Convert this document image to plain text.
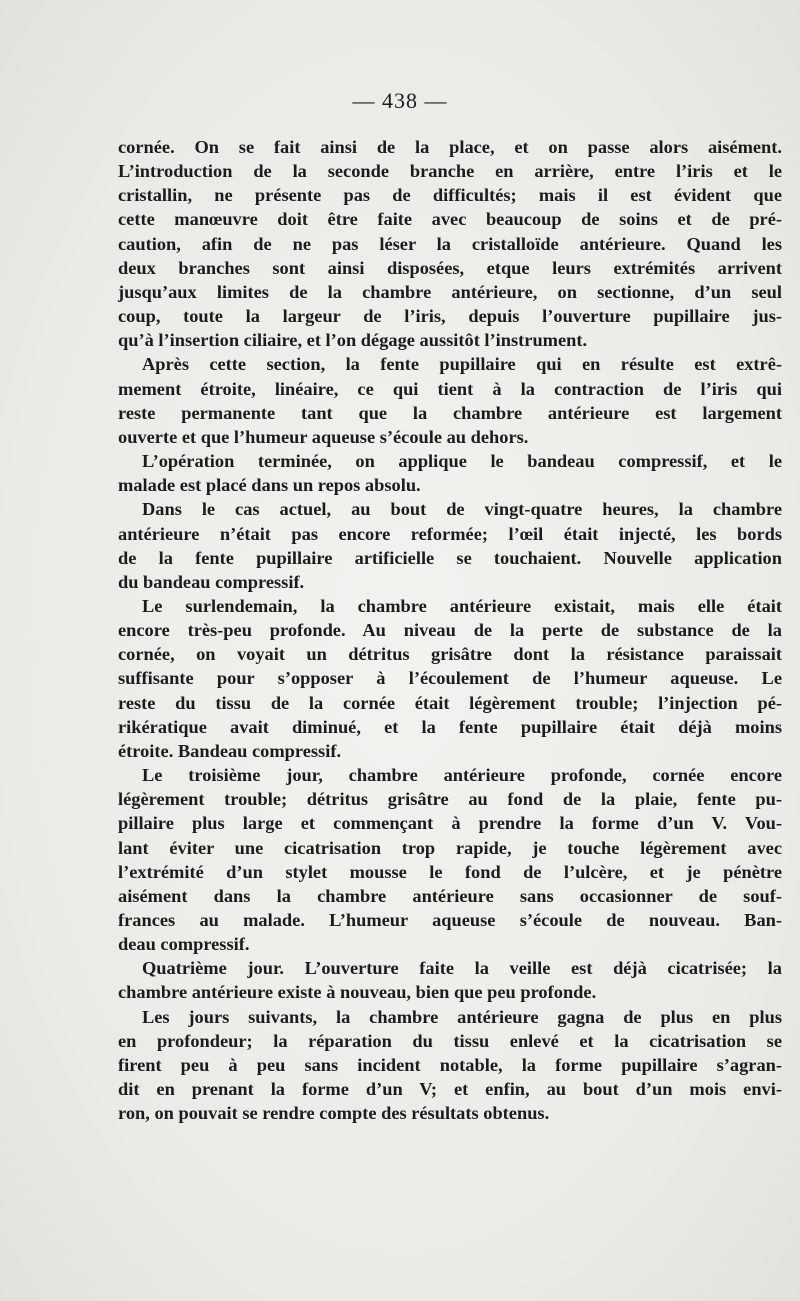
— 438 —
cornée. On se fait ainsi de la place, et on passe alors aisément.
L’introduction de la seconde branche en arrière, entre l’iris et le
cristallin, ne présente pas de difficultés; mais il est évident que
cette manœuvre doit être faite avec beaucoup de soins et de pré-
caution, afin de ne pas léser la cristalloïde antérieure. Quand les
deux branches sont ainsi disposées, etque leurs extrémités arrivent
jusqu’aux limites de la chambre antérieure, on sectionne, d’un seul
coup, toute la largeur de l’iris, depuis l’ouverture pupillaire jus-
qu’à l’insertion ciliaire, et l’on dégage aussitôt l’instrument.
Après cette section, la fente pupillaire qui en résulte est extrê-
mement étroite, linéaire, ce qui tient à la contraction de l’iris qui
reste permanente tant que la chambre antérieure est largement
ouverte et que l’humeur aqueuse s’écoule au dehors.
L’opération terminée, on applique le bandeau compressif, et le
malade est placé dans un repos absolu.
Dans le cas actuel, au bout de vingt-quatre heures, la chambre
antérieure n’était pas encore reformée; l’œil était injecté, les bords
de la fente pupillaire artificielle se touchaient. Nouvelle application
du bandeau compressif.
Le surlendemain, la chambre antérieure existait, mais elle était
encore très-peu profonde. Au niveau de la perte de substance de la
cornée, on voyait un détritus grisâtre dont la résistance paraissait
suffisante pour s’opposer à l’écoulement de l’humeur aqueuse. Le
reste du tissu de la cornée était légèrement trouble; l’injection pé-
rikératique avait diminué, et la fente pupillaire était déjà moins
étroite. Bandeau compressif.
Le troisième jour, chambre antérieure profonde, cornée encore
légèrement trouble; détritus grisâtre au fond de la plaie, fente pu-
pillaire plus large et commençant à prendre la forme d’un V. Vou-
lant éviter une cicatrisation trop rapide, je touche légèrement avec
l’extrémité d’un stylet mousse le fond de l’ulcère, et je pénètre
aisément dans la chambre antérieure sans occasionner de souf-
frances au malade. L’humeur aqueuse s’écoule de nouveau. Ban-
deau compressif.
Quatrième jour. L’ouverture faite la veille est déjà cicatrisée; la
chambre antérieure existe à nouveau, bien que peu profonde.
Les jours suivants, la chambre antérieure gagna de plus en plus
en profondeur; la réparation du tissu enlevé et la cicatrisation se
firent peu à peu sans incident notable, la forme pupillaire s’agran-
dit en prenant la forme d’un V; et enfin, au bout d’un mois envi-
ron, on pouvait se rendre compte des résultats obtenus.
